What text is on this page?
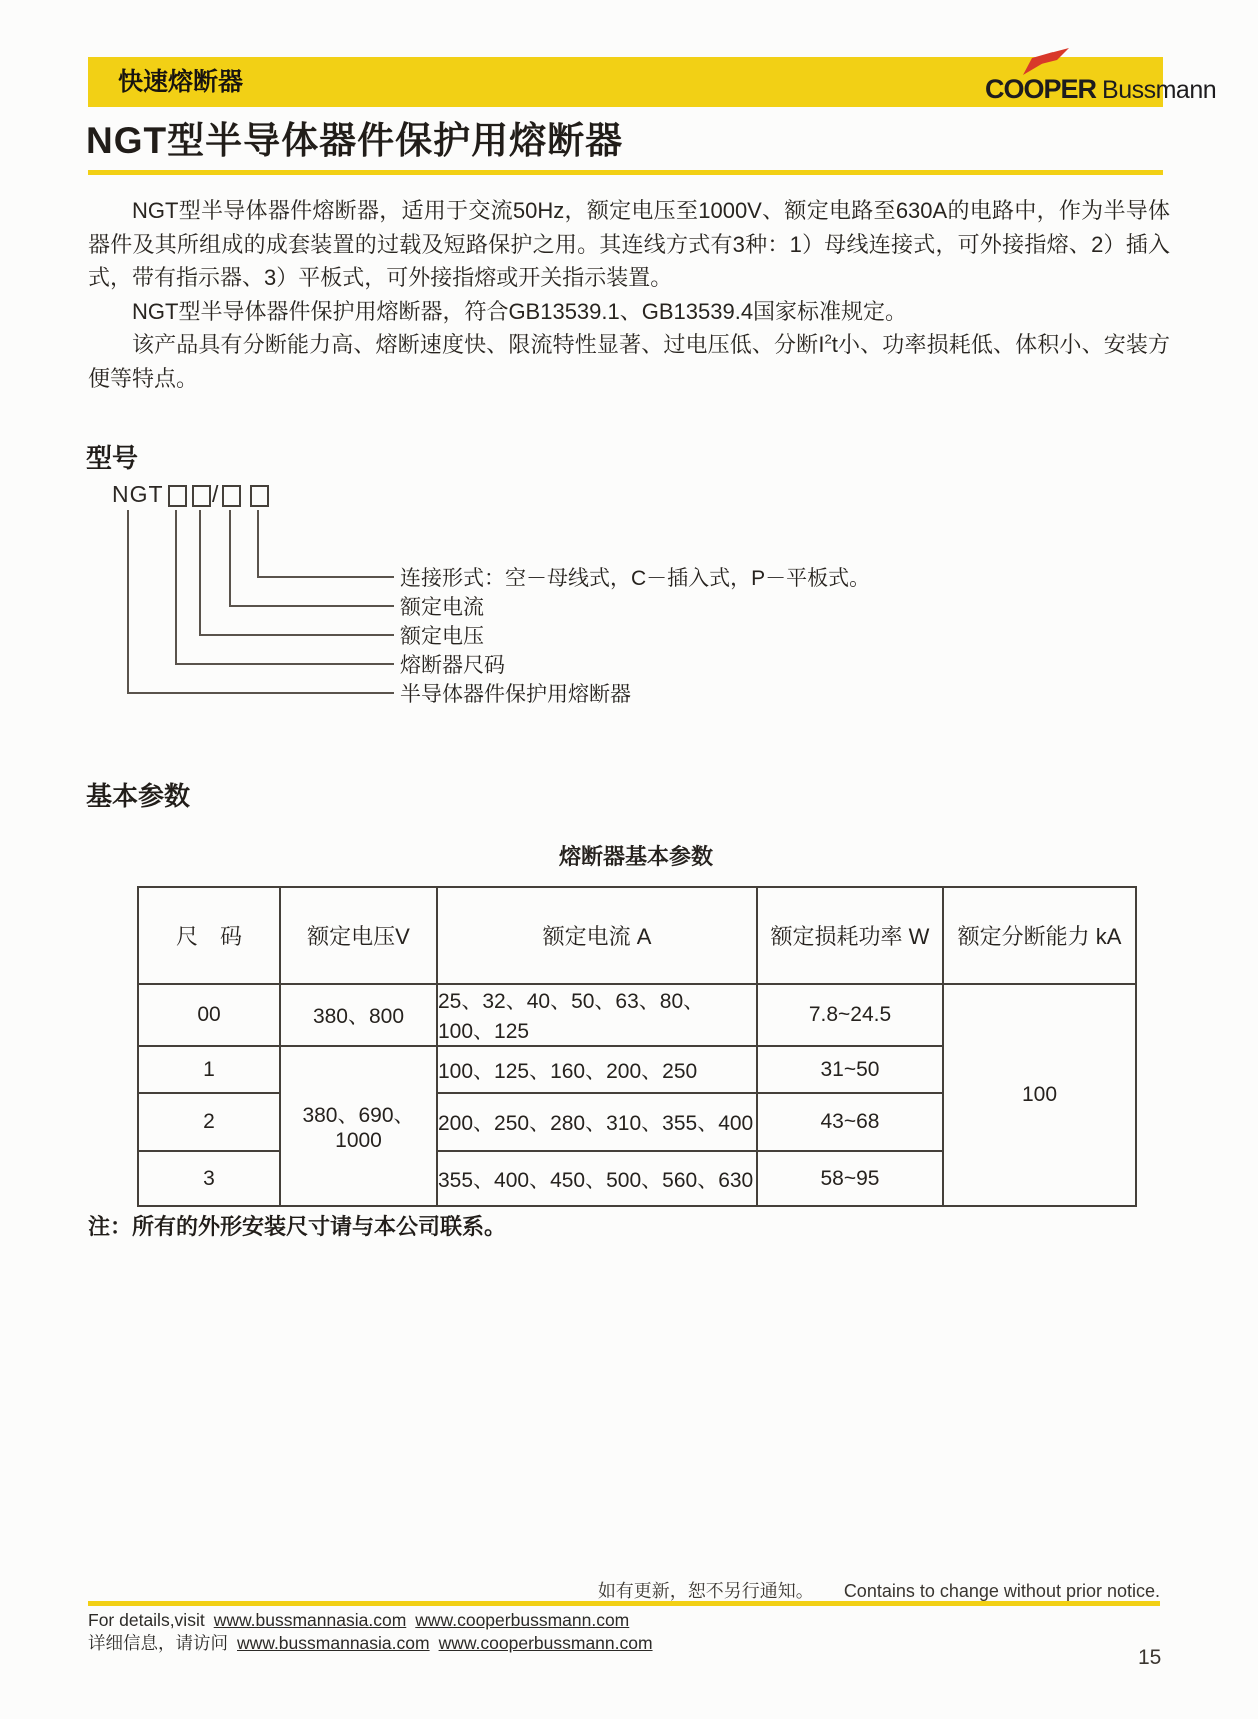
快速熔断器	COOPER Bussmann
NGT型半导体器件保护用熔断器

NGT型半导体器件熔断器，适用于交流50Hz，额定电压至1000V、额定电路至630A的电路中，作为半导体器件及其所组成的成套装置的过载及短路保护之用。其连线方式有3种：1）母线连接式，可外接指熔、2）插入式，带有指示器、3）平板式，可外接指熔或开关指示装置。

NGT型半导体器件保护用熔断器，符合GB13539.1、GB13539.4国家标准规定。

该产品具有分断能力高、熔断速度快、限流特性显著、过电压低、分断$I^2t$小、功率损耗低、体积小、安装方便等特点。

型号
NGT /
连接形式：空－母线式，C－插入式，P－平板式。
额定电流
额定电压
熔断器尺码
半导体器件保护用熔断器
基本参数
熔断器基本参数
尺　码	额定电压V	额定电流 A	额定损耗功率 W	额定分断能力 kA
00	380、800	25、32、40、50、63、80、100、125	7.8~24.5	100
1	380、690、1000	100、125、160、200、250	31~50	
2		200、250、280、310、355、400	43~68	
3		355、400、450、500、560、630	58~95	

注：所有的外形安装尺寸请与本公司联系。

如有更新，恕不另行通知。 Contains to change without prior notice.
For details,visit www.bussmannasia.com www.cooperbussmann.com
详细信息，请访问 www.bussmannasia.com www.cooperbussmann.com
15
